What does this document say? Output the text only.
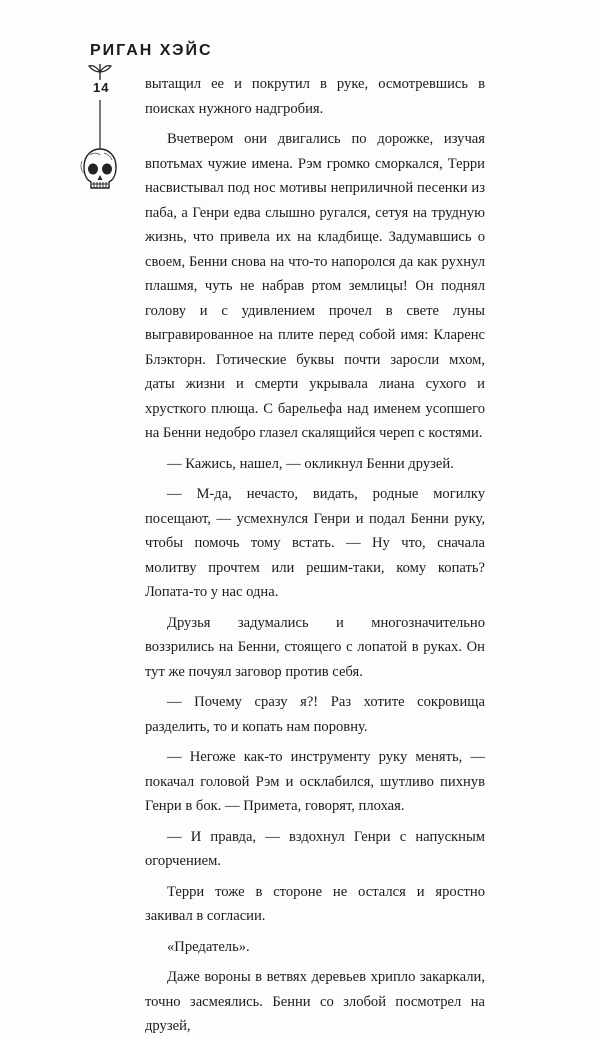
РИГАН ХЭЙС
14 вытащил ее и покрутил в руке, осмотревшись в поисках нужного надгробия.

Вчетвером они двигались по дорожке, изучая впотьмах чужие имена. Рэм громко сморкался, Терри насвистывал под нос мотивы неприличной песенки из паба, а Генри едва слышно ругался, сетуя на трудную жизнь, что привела их на кладбище. Задумавшись о своем, Бенни снова на что-то напоролся да как рухнул плашмя, чуть не набрав ртом землицы! Он поднял голову и с удивлением прочел в свете луны выгравированное на плите перед собой имя: Кларенс Блэкторн. Готические буквы почти заросли мхом, даты жизни и смерти укрывала лиана сухого и хрусткого плюща. С барельефа над именем усопшего на Бенни недобро глазел скалящийся череп с костями.

— Кажись, нашел, — окликнул Бенни друзей.

— М-да, нечасто, видать, родные могилку посещают, — усмехнулся Генри и подал Бенни руку, чтобы помочь тому встать. — Ну что, сначала молитву прочтем или решим-таки, кому копать? Лопата-то у нас одна.

Друзья задумались и многозначительно воззрились на Бенни, стоящего с лопатой в руках. Он тут же почуял заговор против себя.

— Почему сразу я?! Раз хотите сокровища разделить, то и копать нам поровну.

— Негоже как-то инструменту руку менять, — покачал головой Рэм и осклабился, шутливо пихнув Генри в бок. — Примета, говорят, плохая.

— И правда, — вздохнул Генри с напускным огорчением.

Терри тоже в стороне не остался и яростно закивал в согласии.

«Предатель».

Даже вороны в ветвях деревьев хрипло закаркали, точно засмеялись. Бенни со злобой посмотрел на друзей,
